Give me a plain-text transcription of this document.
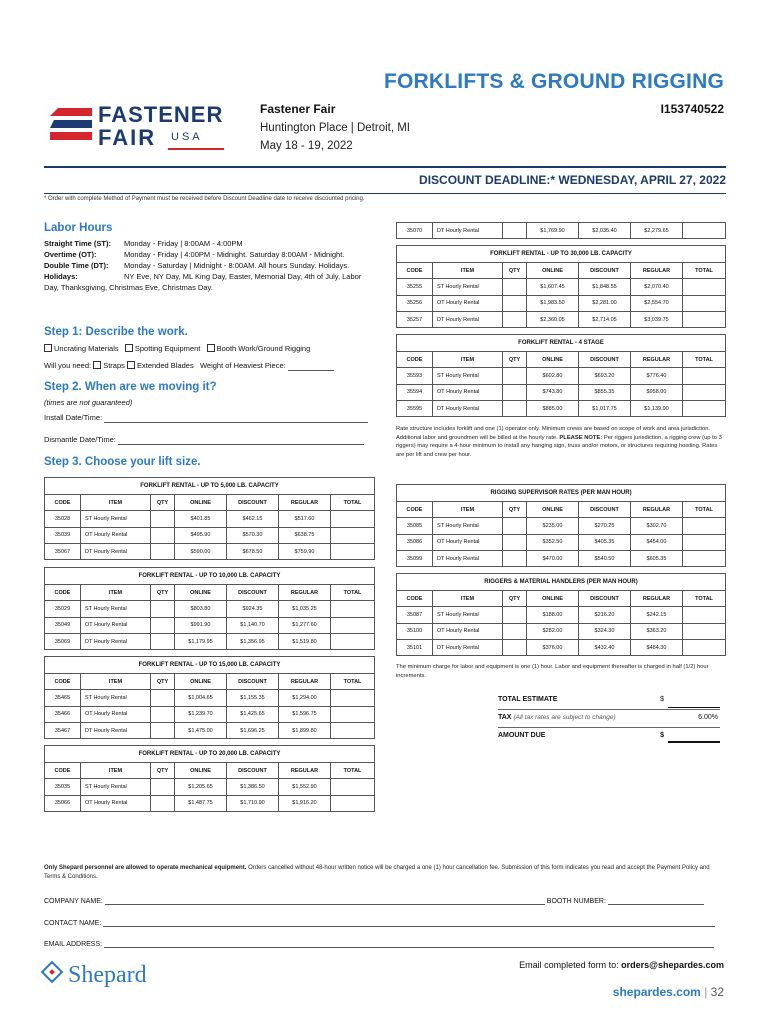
FASTENER
FAIR USA
FORKLIFTS & GROUND RIGGING
Fastener Fair	I153740522
Huntington Place | Detroit, MI
May 18 - 19, 2022
DISCOUNT DEADLINE:* WEDNESDAY, APRIL 27, 2022
* Order with complete Method of Payment must be received before Discount Deadline date to receive discounted pricing.
Labor Hours
Straight Time (ST): Monday - Friday | 8:00AM - 4:00PM
Overtime (OT):	Monday - Friday | 4:00PM - Midnight. Saturday 8:00AM - Midnight.
Double Time (DT): Monday - Saturday | Midnight - 8:00AM. All hours Sunday. Holidays.
Holidays:	NY Eve, NY Day, ML King Day, Easter, Memorial Day, 4th of July, Labor Day, Thanksgiving, Christmas Eve, Christmas Day.
Step 1: Describe the work.
Uncrating Materials Spotting Equipment Booth Work/Ground Rigging
Will you need: Straps Extended Blades Weight of Heaviest Piece:
Step 2. When are we moving it?
(times are not guaranteed)
Install Date/Time:
Dismantle Date/Time:
Step 3. Choose your lift size.
FORKLIFT RENTAL - UP TO 5,000 LB. CAPACITY						
CODE	ITEM	QTY	ONLINE	DISCOUNT	REGULAR	TOTAL
35028	ST Hourly Rental		$401.85	$462.15	$517.60	
35039	OT Hourly Rental		$495.90	$570.30	$638.75	
35067	DT Hourly Rental		$590.00	$678.50	$759.90	
FORKLIFT RENTAL - UP TO 10,000 LB. CAPACITY						
CODE	ITEM	QTY	ONLINE	DISCOUNT	REGULAR	TOTAL
35029	ST Hourly Rental		$803.80	$924.35	$1,035.25	
35049	OT Hourly Rental		$991.90	$1,140.70	$1,277.60	
35069	DT Hourly Rental		$1,179.95	$1,356.95	$1,519.80	
FORKLIFT RENTAL - UP TO 15,000 LB. CAPACITY						
CODE	ITEM	QTY	ONLINE	DISCOUNT	REGULAR	TOTAL
35465	ST Hourly Rental		$1,004.65	$1,155.35	$1,294.00	
35466	OT Hourly Rental		$1,239.70	$1,425.65	$1,596.75	
35467	DT Hourly Rental		$1,475.00	$1,696.25	$1,899.80	
FORKLIFT RENTAL - UP TO 20,000 LB. CAPACITY						
CODE	ITEM	QTY	ONLINE	DISCOUNT	REGULAR	TOTAL
35035	ST Hourly Rental		$1,205.65	$1,386.50	$1,552.90	
35066	OT Hourly Rental		$1,487.75	$1,710.90	$1,916.20	
35070	DT Hourly Rental		$1,769.90	$2,035.40	$2,279.65	
FORKLIFT RENTAL - UP TO 30,000 LB. CAPACITY						
CODE	ITEM	QTY	ONLINE	DISCOUNT	REGULAR	TOTAL
35255	ST Hourly Rental		$1,607.45	$1,848.55	$2,070.40	
35256	OT Hourly Rental		$1,983.50	$2,281.00	$2,554.70	
35257	DT Hourly Rental		$2,360.05	$2,714.05	$3,039.75	
FORKLIFT RENTAL - 4 STAGE						
CODE	ITEM	QTY	ONLINE	DISCOUNT	REGULAR	TOTAL
35593	ST Hourly Rental		$602.80	$693.20	$776.40	
35594	OT Hourly Rental		$743.80	$855.35	$958.00	
35595	DT Hourly Rental		$885.00	$1,017.75	$1,139.90	
Rate structure includes forklift and one (1) operator only. Minimum crews are based on scope of work and area jurisdiction. Additional labor and groundmen will be billed at the hourly rate. PLEASE NOTE: Per riggers jurisdiction, a rigging crew (up to 3 riggers) may require a 4-hour minimum to install any hanging sign, truss and/or motors, or structures requiring hoisting. Rates are per lift and crew per hour.
RIGGING SUPERVISOR RATES (PER MAN HOUR)						
CODE	ITEM	QTY	ONLINE	DISCOUNT	REGULAR	TOTAL
35085	ST Hourly Rental		$235.00	$270.25	$302.70	
35086	OT Hourly Rental		$352.50	$405.35	$454.00	
35099	DT Hourly Rental		$470.00	$540.50	$605.35	
RIGGERS & MATERIAL HANDLERS (PER MAN HOUR)						
CODE	ITEM	QTY	ONLINE	DISCOUNT	REGULAR	TOTAL
35087	ST Hourly Rental		$188.00	$216.20	$242.15	
35100	OT Hourly Rental		$282.00	$324.30	$363.20	
35101	DT Hourly Rental		$376.00	$432.40	$484.30	
The minimum charge for labor and equipment is one (1) hour. Labor and equipment thereafter is charged in half (1/2) hour increments.
TOTAL ESTIMATE	$
TAX (All tax rates are subject to change)	6.00%
AMOUNT DUE	$
Only Shepard personnel are allowed to operate mechanical equipment. Orders cancelled without 48-hour written notice will be charged a one (1) hour cancellation fee. Submission of this form indicates you read and accept the Payment Policy and Terms & Conditions.
COMPANY NAME:	BOOTH NUMBER:
CONTACT NAME:
EMAIL ADDRESS:
Shepard	Email completed form to: orders@shepardes.com
shepardes.com | 32
